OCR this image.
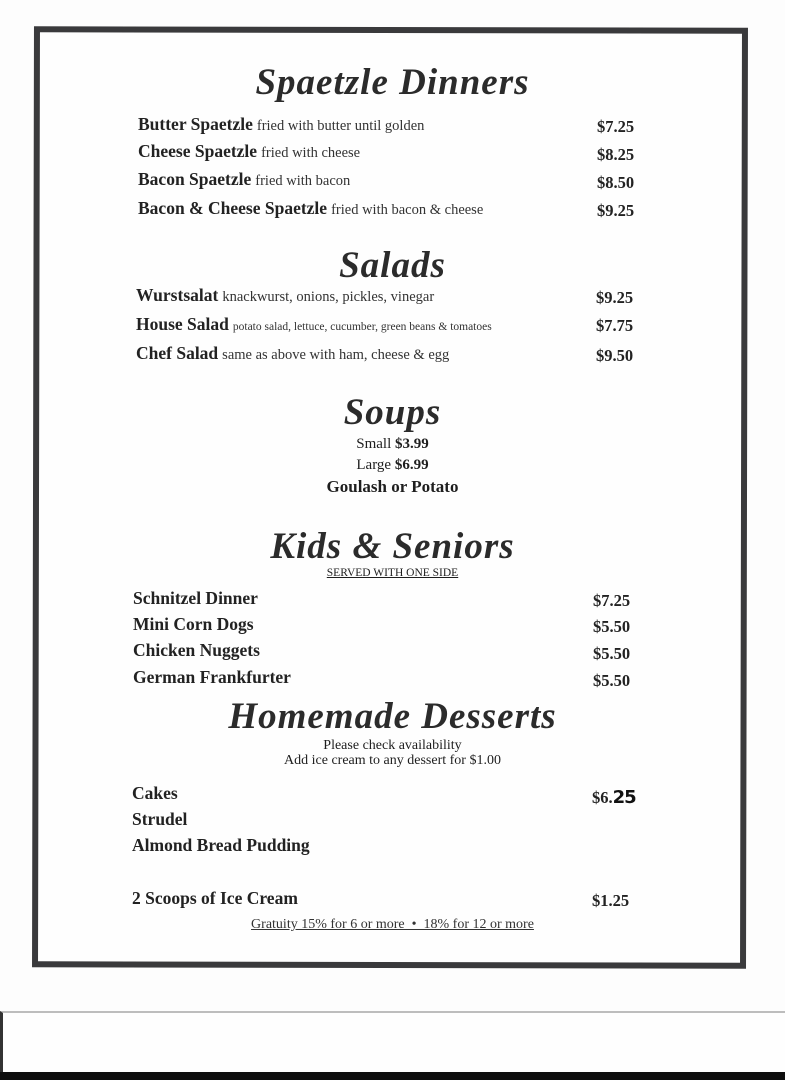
Spaetzle Dinners
Butter Spaetzle fried with butter until golden	$7.25
Cheese Spaetzle fried with cheese	$8.25
Bacon Spaetzle fried with bacon	$8.50
Bacon & Cheese Spaetzle fried with bacon & cheese	$9.25
Salads
Wurstsalat knackwurst, onions, pickles, vinegar	$9.25
House Salad potato salad, lettuce, cucumber, green beans & tomatoes	$7.75
Chef Salad same as above with ham, cheese & egg	$9.50
Soups
Small $3.99
Large $6.99
Goulash or Potato
Kids & Seniors
SERVED WITH ONE SIDE
Schnitzel Dinner	$7.25
Mini Corn Dogs	$5.50
Chicken Nuggets	$5.50
German Frankfurter	$5.50
Homemade Desserts
Please check availability
Add ice cream to any dessert for $1.00
Cakes	$6.25
Strudel
Almond Bread Pudding
2 Scoops of Ice Cream	$1.25
Gratuity 15% for 6 or more  •  18% for 12 or more
